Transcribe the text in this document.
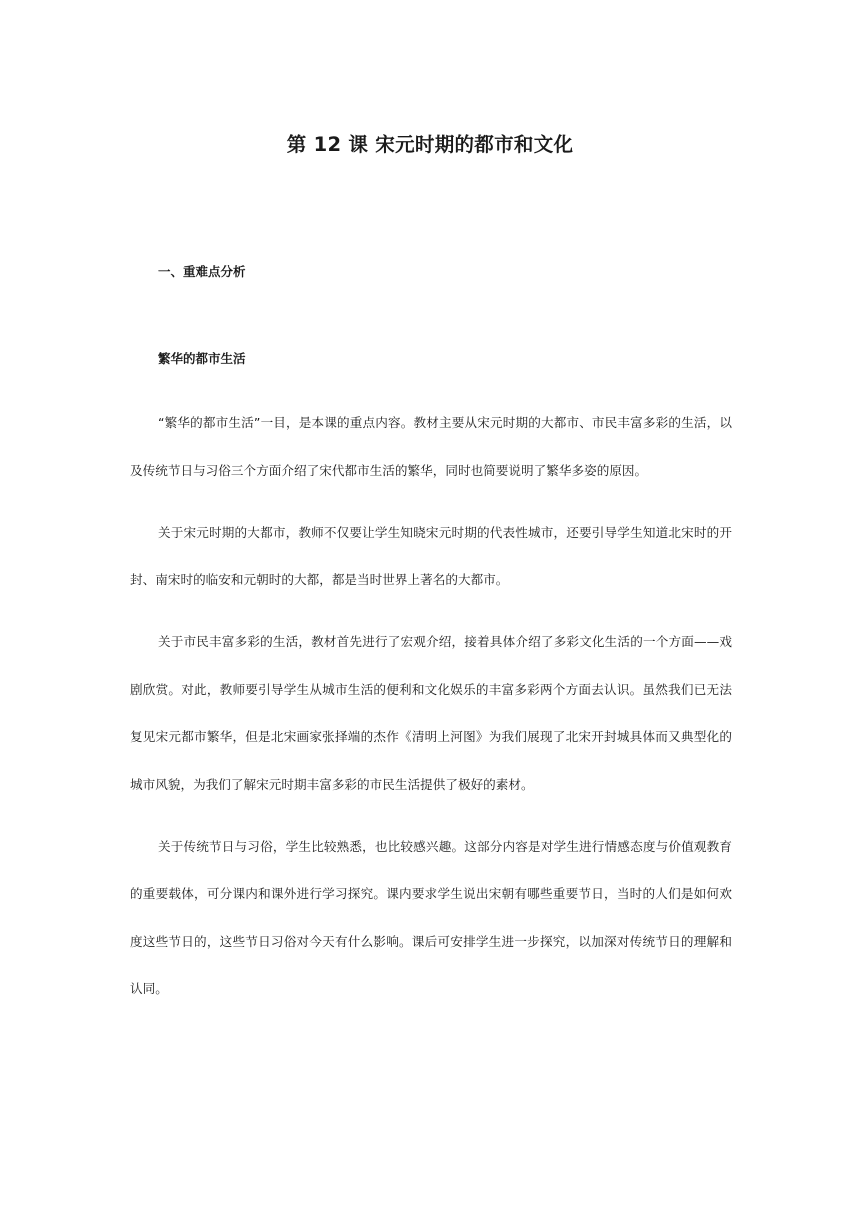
第 12 课 宋元时期的都市和文化
一、重难点分析
繁华的都市生活

“繁华的都市生活”一目，是本课的重点内容。教材主要从宋元时期的大都市、市民丰富多彩的生活，以及传统节日与习俗三个方面介绍了宋代都市生活的繁华，同时也简要说明了繁华多姿的原因。

关于宋元时期的大都市，教师不仅要让学生知晓宋元时期的代表性城市，还要引导学生知道北宋时的开封、南宋时的临安和元朝时的大都，都是当时世界上著名的大都市。

关于市民丰富多彩的生活，教材首先进行了宏观介绍，接着具体介绍了多彩文化生活的一个方面——戏剧欣赏。对此，教师要引导学生从城市生活的便利和文化娱乐的丰富多彩两个方面去认识。虽然我们已无法复见宋元都市繁华，但是北宋画家张择端的杰作《清明上河图》为我们展现了北宋开封城具体而又典型化的城市风貌，为我们了解宋元时期丰富多彩的市民生活提供了极好的素材。

关于传统节日与习俗，学生比较熟悉，也比较感兴趣。这部分内容是对学生进行情感态度与价值观教育的重要载体，可分课内和课外进行学习探究。课内要求学生说出宋朝有哪些重要节日，当时的人们是如何欢度这些节日的，这些节日习俗对今天有什么影响。课后可安排学生进一步探究，以加深对传统节日的理解和认同。
